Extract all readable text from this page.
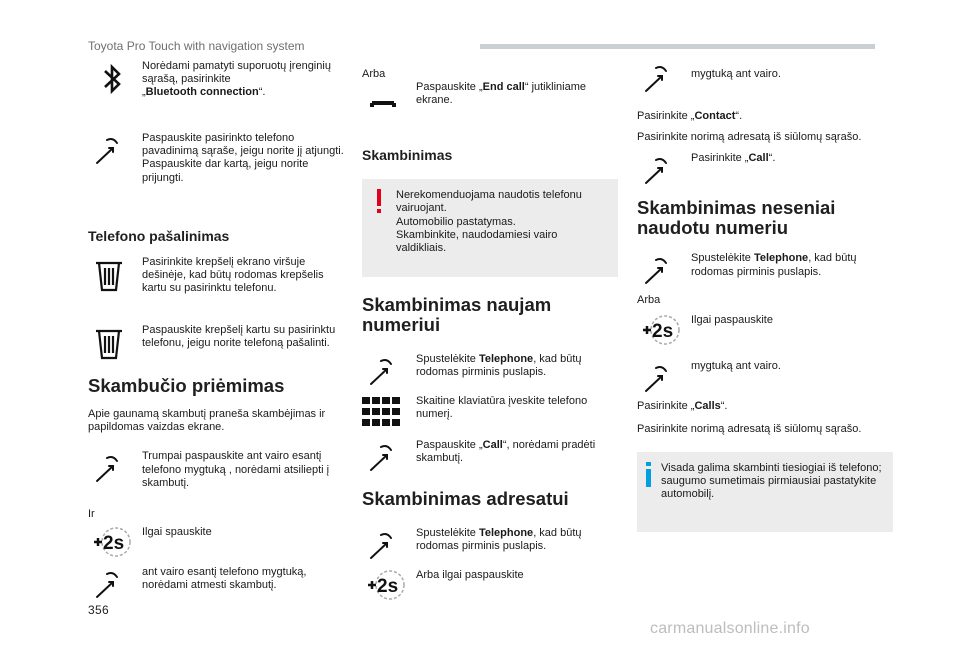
Toyota Pro Touch with navigation system
Norėdami pamatyti suporuotų įrenginių sąrašą, pasirinkite
„Bluetooth connection“.
Paspauskite pasirinkto telefono pavadinimą sąraše, jeigu norite jį atjungti.
Paspauskite dar kartą, jeigu norite prijungti.
Telefono pašalinimas
Pasirinkite krepšelį ekrano viršuje dešinėje, kad būtų rodomas krepšelis kartu su pasirinktu telefonu.
Paspauskite krepšelį kartu su pasirinktu telefonu, jeigu norite telefoną pašalinti.
Skambučio priėmimas
Apie gaunamą skambutį praneša skambėjimas ir papildomas vaizdas ekrane.
Trumpai paspauskite ant vairo esantį telefono mygtuką , norėdami atsiliepti į skambutį.
Ir
2s
Ilgai spauskite
ant vairo esantį telefono mygtuką, norėdami atmesti skambutį.
Arba
Paspauskite „End call“ jutikliniame ekrane.
Skambinimas
Nerekomenduojama naudotis telefonu vairuojant.
Automobilio pastatymas.
Skambinkite, naudodamiesi vairo valdikliais.
Skambinimas naujam numeriui
Spustelėkite Telephone, kad būtų rodomas pirminis puslapis.
Skaitine klaviatūra įveskite telefono numerį.
Paspauskite „Call“, norėdami pradėti skambutį.
Skambinimas adresatui
Spustelėkite Telephone, kad būtų rodomas pirminis puslapis.
2s
Arba ilgai paspauskite
mygtuką ant vairo.
Pasirinkite „Contact“.
Pasirinkite norimą adresatą iš siūlomų sąrašo.
Pasirinkite „Call“.
Skambinimas neseniai naudotu numeriu
Spustelėkite Telephone, kad būtų rodomas pirminis puslapis.
Arba
2s
Ilgai paspauskite
mygtuką ant vairo.
Pasirinkite „Calls“.
Pasirinkite norimą adresatą iš siūlomų sąrašo.
Visada galima skambinti tiesiogiai iš telefono; saugumo sumetimais pirmiausiai pastatykite automobilį.
356
carmanualsonline.info
